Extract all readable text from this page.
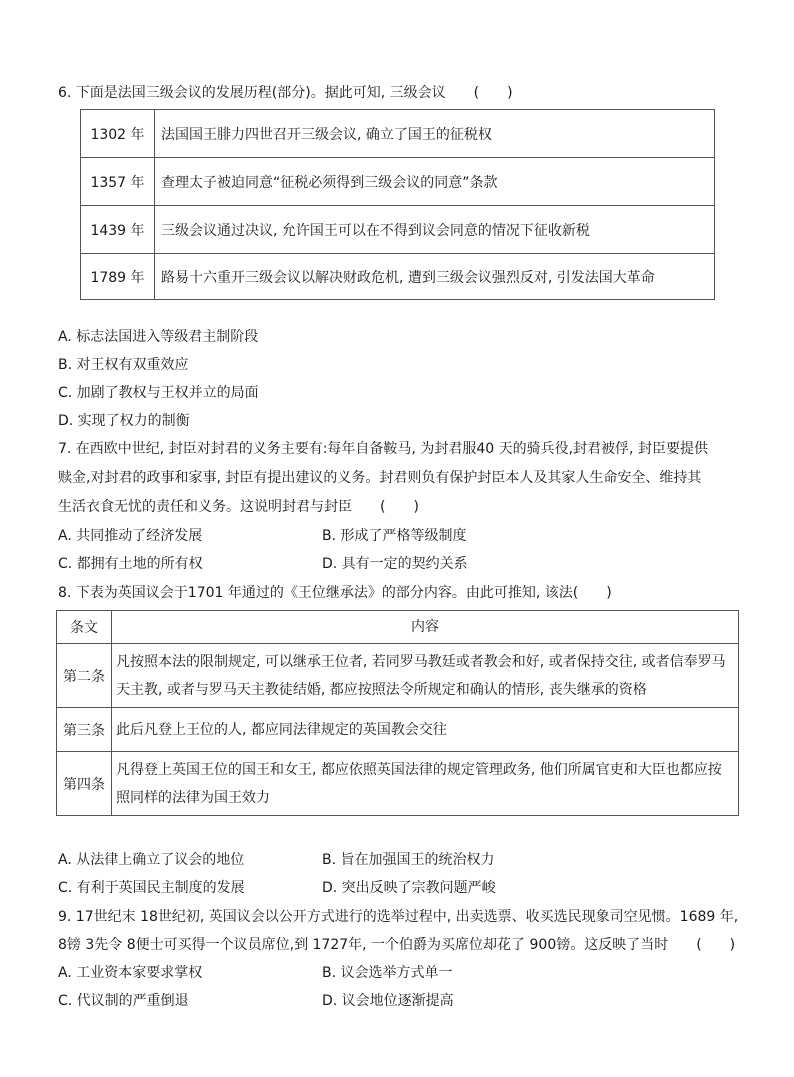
6. 下面是法国三级会议的发展历程(部分)。据此可知, 三级会议　　(　　)
1302 年	法国国王腓力四世召开三级会议, 确立了国王的征税权
1357 年	查理太子被迫同意“征税必须得到三级会议的同意”条款
1439 年	三级会议通过决议, 允许国王可以在不得到议会同意的情况下征收新税
1789 年	路易十六重开三级会议以解决财政危机, 遭到三级会议强烈反对, 引发法国大革命
A. 标志法国进入等级君主制阶段
B. 对王权有双重效应
C. 加剧了教权与王权并立的局面
D. 实现了权力的制衡
7. 在西欧中世纪, 封臣对封君的义务主要有:每年自备鞍马, 为封君服40 天的骑兵役,封君被俘, 封臣要提供
赎金,对封君的政事和家事, 封臣有提出建议的义务。封君则负有保护封臣本人及其家人生命安全、维持其
生活衣食无忧的责任和义务。这说明封君与封臣　　(　　)
A. 共同推动了经济发展	B. 形成了严格等级制度
C. 都拥有土地的所有权	D. 具有一定的契约关系
8. 下表为英国议会于1701 年通过的《王位继承法》的部分内容。由此可推知, 该法(　　)
条文	内容
第二条	凡按照本法的限制规定, 可以继承王位者, 若同罗马教廷或者教会和好, 或者保持交往, 或者信奉罗马天主教, 或者与罗马天主教徒结婚, 都应按照法令所规定和确认的情形, 丧失继承的资格
第三条	此后凡登上王位的人, 都应同法律规定的英国教会交往
第四条	凡得登上英国王位的国王和女王, 都应依照英国法律的规定管理政务, 他们所属官吏和大臣也都应按照同样的法律为国王效力
A. 从法律上确立了议会的地位	B. 旨在加强国王的统治权力
C. 有利于英国民主制度的发展	D. 突出反映了宗教问题严峻
9. 17世纪末 18世纪初, 英国议会以公开方式进行的选举过程中, 出卖选票、收买选民现象司空见惯。1689 年,
8镑 3先令 8便士可买得一个议员席位,到 1727年, 一个伯爵为买席位却花了 900镑。这反映了当时　　(　　)
A. 工业资本家要求掌权	B. 议会选举方式单一
C. 代议制的严重倒退	D. 议会地位逐渐提高
